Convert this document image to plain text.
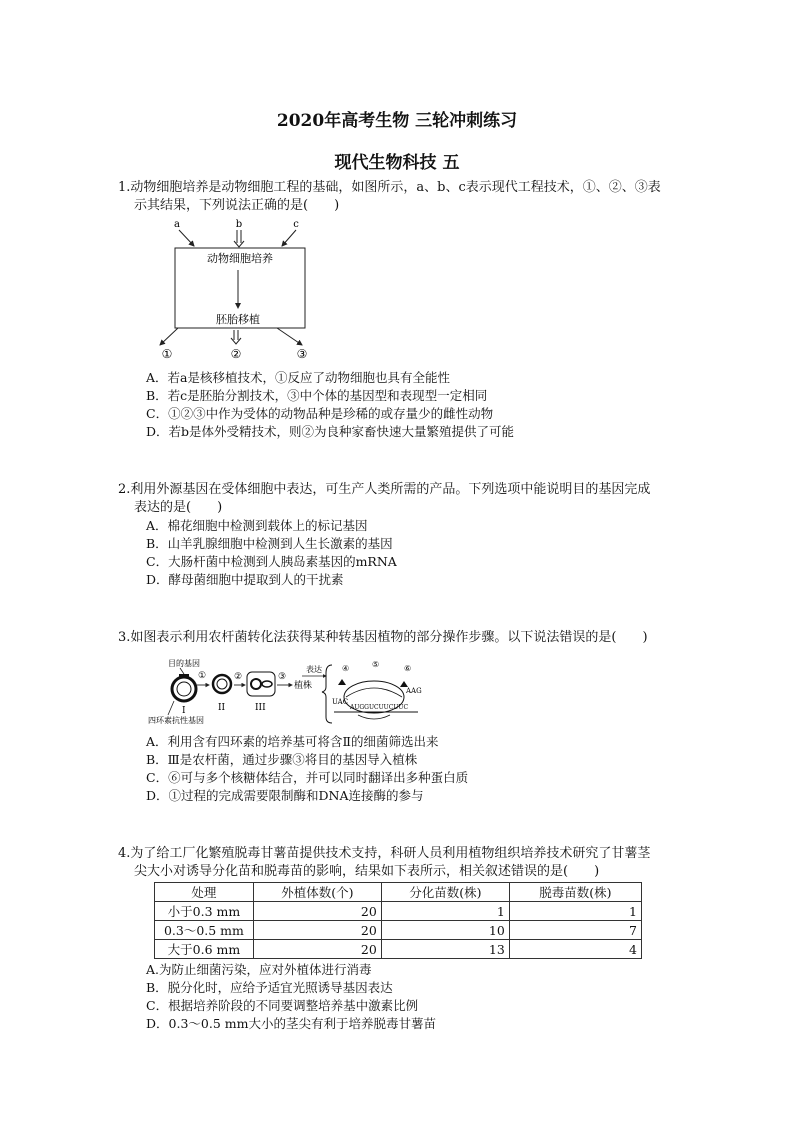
2020年高考生物 三轮冲刺练习
现代生物科技 五
1.动物细胞培养是动物细胞工程的基础，如图所示，a、b、c表示现代工程技术，①、②、③表
示其结果，下列说法正确的是(　　)
a	b	c
动物细胞培养
胚胎移植
①	②	③
A．若a是核移植技术，①反应了动物细胞也具有全能性
B．若c是胚胎分割技术，③中个体的基因型和表现型一定相同
C．①②③中作为受体的动物品种是珍稀的或存量少的雌性动物
D．若b是体外受精技术，则②为良种家畜快速大量繁殖提供了可能
2.利用外源基因在受体细胞中表达，可生产人类所需的产品。下列选项中能说明目的基因完成
表达的是(　　)
A．棉花细胞中检测到载体上的标记基因
B．山羊乳腺细胞中检测到人生长激素的基因
C．大肠杆菌中检测到人胰岛素基因的mRNA
D．酵母菌细胞中提取到人的干扰素
3.如图表示利用农杆菌转化法获得某种转基因植物的部分操作步骤。以下说法错误的是(　　)
目的基因
①
I
四环素抗性基因
II
②
III
③
植株
表达	④	⑤	⑥
UAC
AAG
AUGGUCUUCUUC
A．利用含有四环素的培养基可将含Ⅱ的细菌筛选出来
B．Ⅲ是农杆菌，通过步骤③将目的基因导入植株
C．⑥可与多个核糖体结合，并可以同时翻译出多种蛋白质
D．①过程的完成需要限制酶和DNA连接酶的参与
4.为了给工厂化繁殖脱毒甘薯苗提供技术支持，科研人员利用植物组织培养技术研究了甘薯茎
尖大小对诱导分化苗和脱毒苗的影响，结果如下表所示，相关叙述错误的是(　　)
处理	外植体数(个)	分化苗数(株)	脱毒苗数(株)
小于0.3 mm	20	1	1
0.3～0.5 mm	20	10	7
大于0.6 mm	20	13	4
A.为防止细菌污染，应对外植体进行消毒
B．脱分化时，应给予适宜光照诱导基因表达
C．根据培养阶段的不同要调整培养基中激素比例
D．0.3～0.5 mm大小的茎尖有利于培养脱毒甘薯苗
